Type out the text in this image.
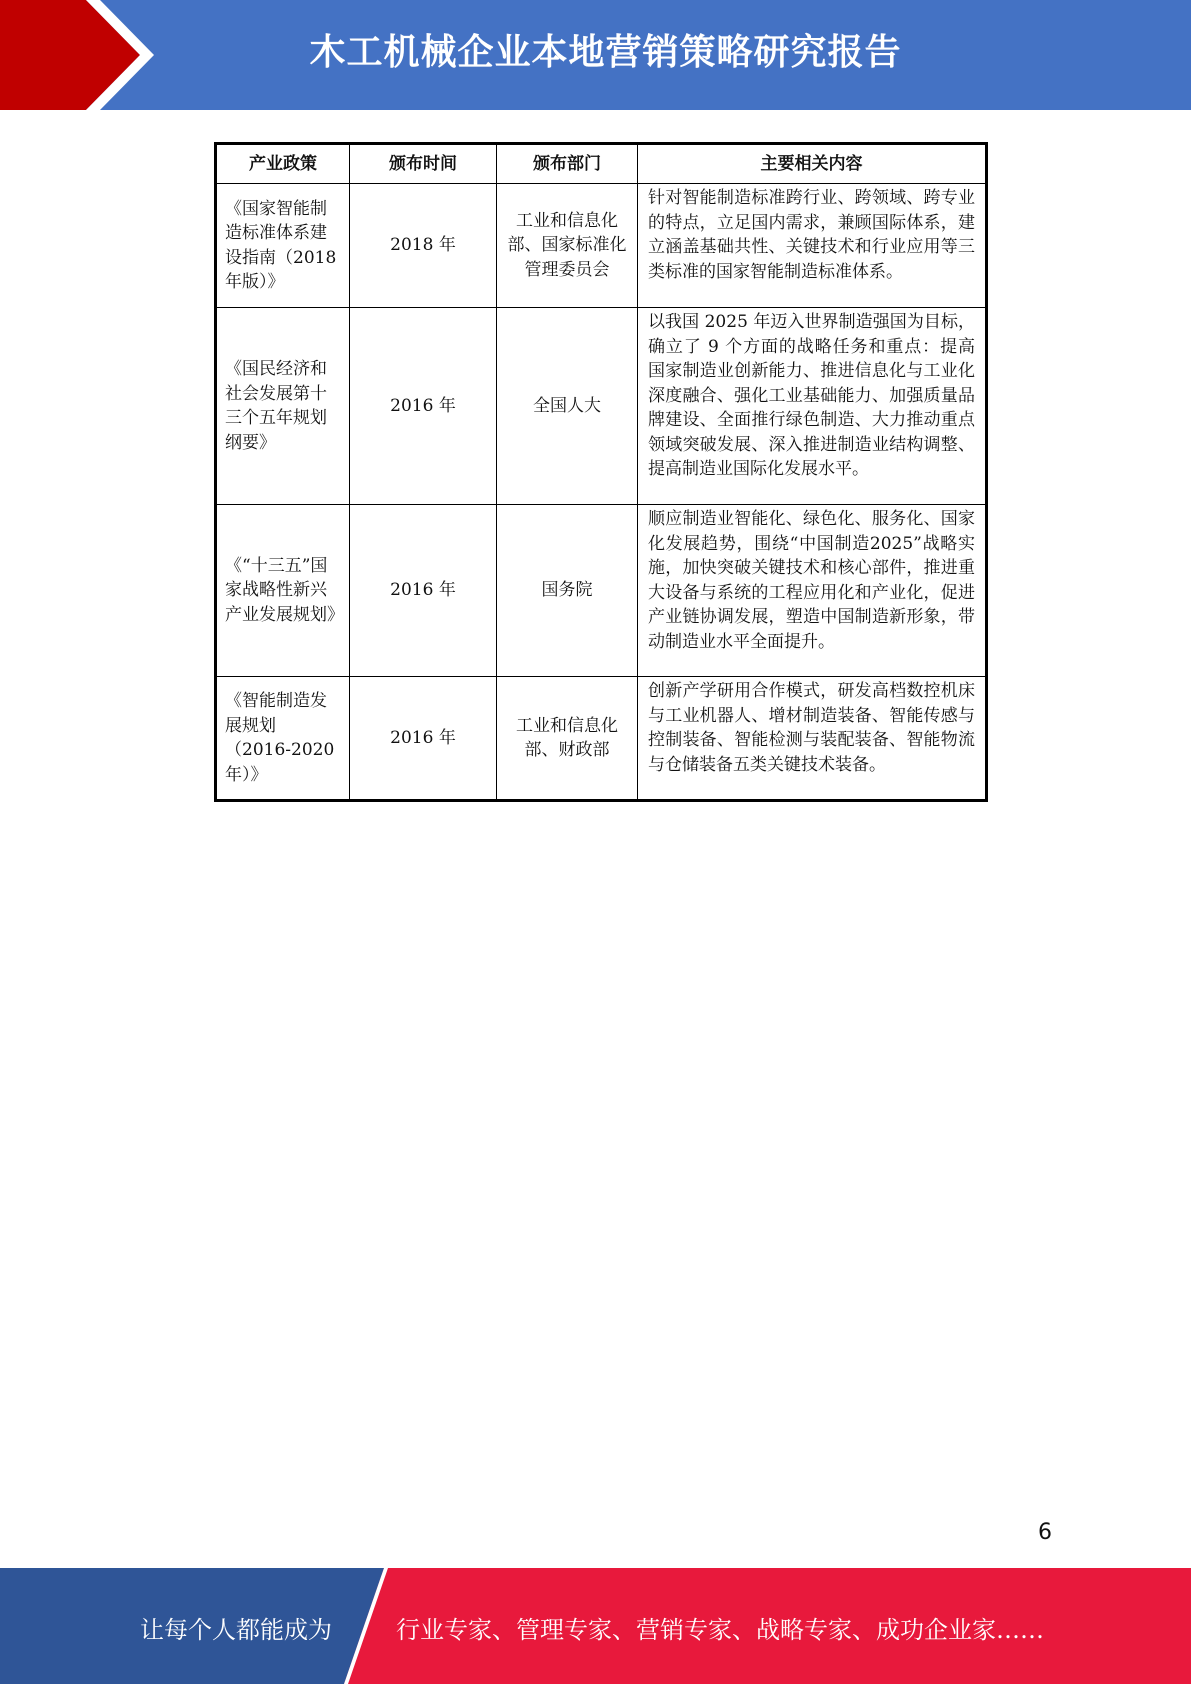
木工机械企业本地营销策略研究报告
产业政策	颁布时间	颁布部门	主要相关内容
《国家智能制造标准体系建设指南（2018年版）》	2018 年	工业和信息化部、国家标准化管理委员会	针对智能制造标准跨行业、跨领域、跨专业的特点，立足国内需求，兼顾国际体系，建立涵盖基础共性、关键技术和行业应用等三类标准的国家智能制造标准体系。
《国民经济和社会发展第十三个五年规划纲要》	2016 年	全国人大	以我国 2025 年迈入世界制造强国为目标，确立了 9 个方面的战略任务和重点：提高国家制造业创新能力、推进信息化与工业化深度融合、强化工业基础能力、加强质量品牌建设、全面推行绿色制造、大力推动重点领域突破发展、深入推进制造业结构调整、提高制造业国际化发展水平。
《“十三五”国家战略性新兴产业发展规划》	2016 年	国务院	顺应制造业智能化、绿色化、服务化、国家化发展趋势，围绕“中国制造2025”战略实施，加快突破关键技术和核心部件，推进重大设备与系统的工程应用化和产业化，促进产业链协调发展，塑造中国制造新形象，带动制造业水平全面提升。
《智能制造发展规划（2016-2020年）》	2016 年	工业和信息化部、财政部	创新产学研用合作模式，研发高档数控机床与工业机器人、增材制造装备、智能传感与控制装备、智能检测与装配装备、智能物流与仓储装备五类关键技术装备。
6
让每个人都能成为	行业专家、管理专家、营销专家、战略专家、成功企业家……
